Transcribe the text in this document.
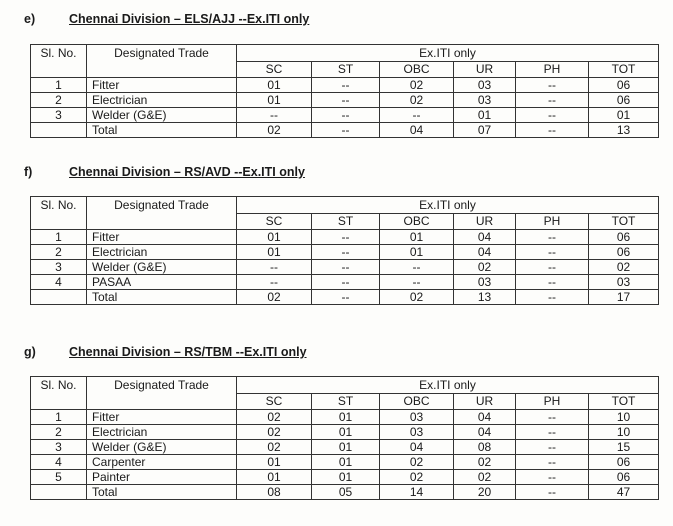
e)	Chennai Division – ELS/AJJ --Ex.ITI only
Sl. No.	Designated Trade	Ex.ITI only					
		SC	ST	OBC	UR	PH	TOT
1	Fitter	01	--	02	03	--	06
2	Electrician	01	--	02	03	--	06
3	Welder (G&E)	--	--	--	01	--	01
	Total	02	--	04	07	--	13
f)	Chennai Division – RS/AVD --Ex.ITI only
Sl. No.	Designated Trade	Ex.ITI only					
		SC	ST	OBC	UR	PH	TOT
1	Fitter	01	--	01	04	--	06
2	Electrician	01	--	01	04	--	06
3	Welder (G&E)	--	--	--	02	--	02
4	PASAA	--	--	--	03	--	03
	Total	02	--	02	13	--	17
g)	Chennai Division – RS/TBM --Ex.ITI only
Sl. No.	Designated Trade	Ex.ITI only					
		SC	ST	OBC	UR	PH	TOT
1	Fitter	02	01	03	04	--	10
2	Electrician	02	01	03	04	--	10
3	Welder (G&E)	02	01	04	08	--	15
4	Carpenter	01	01	02	02	--	06
5	Painter	01	01	02	02	--	06
	Total	08	05	14	20	--	47
